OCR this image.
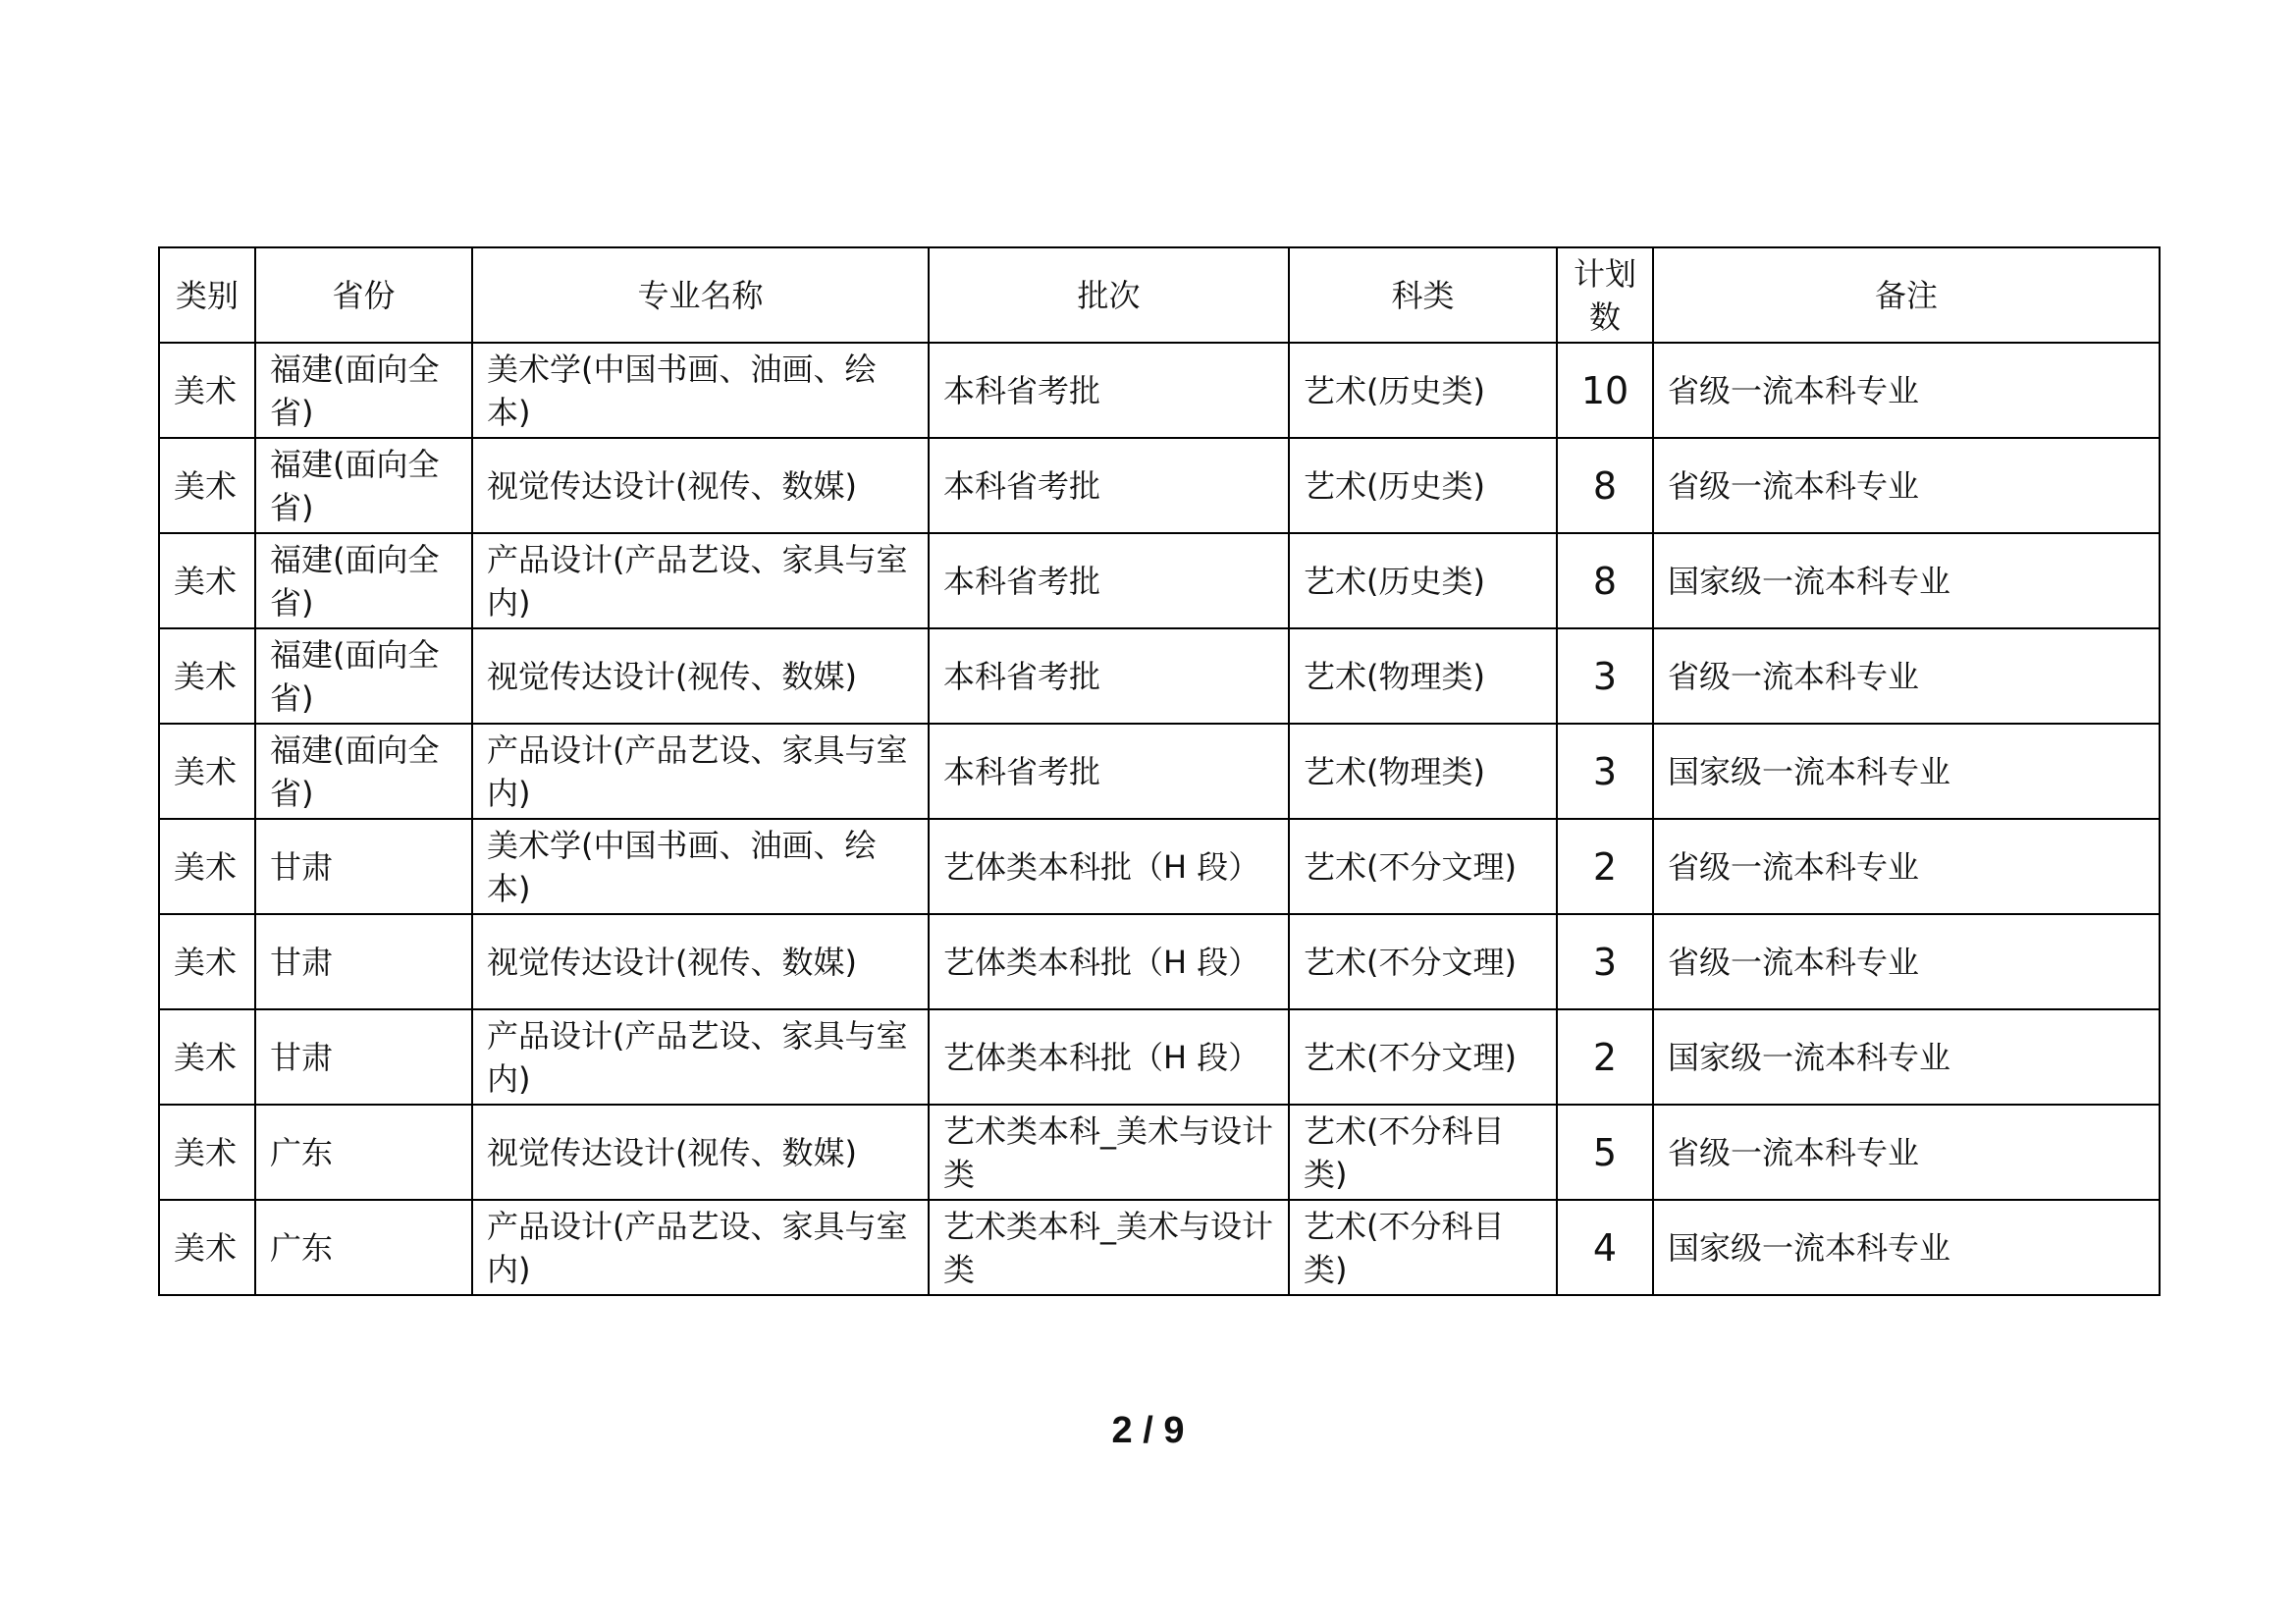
类别	省份	专业名称	批次	科类	计划数	备注
美术	福建(面向全省)	美术学(中国书画、油画、绘本)	本科省考批	艺术(历史类)	10	省级一流本科专业
美术	福建(面向全省)	视觉传达设计(视传、数媒)	本科省考批	艺术(历史类)	8	省级一流本科专业
美术	福建(面向全省)	产品设计(产品艺设、家具与室内)	本科省考批	艺术(历史类)	8	国家级一流本科专业
美术	福建(面向全省)	视觉传达设计(视传、数媒)	本科省考批	艺术(物理类)	3	省级一流本科专业
美术	福建(面向全省)	产品设计(产品艺设、家具与室内)	本科省考批	艺术(物理类)	3	国家级一流本科专业
美术	甘肃	美术学(中国书画、油画、绘本)	艺体类本科批（H 段）	艺术(不分文理)	2	省级一流本科专业
美术	甘肃	视觉传达设计(视传、数媒)	艺体类本科批（H 段）	艺术(不分文理)	3	省级一流本科专业
美术	甘肃	产品设计(产品艺设、家具与室内)	艺体类本科批（H 段）	艺术(不分文理)	2	国家级一流本科专业
美术	广东	视觉传达设计(视传、数媒)	艺术类本科_美术与设计类	艺术(不分科目类)	5	省级一流本科专业
美术	广东	产品设计(产品艺设、家具与室内)	艺术类本科_美术与设计类	艺术(不分科目类)	4	国家级一流本科专业
2 / 9
